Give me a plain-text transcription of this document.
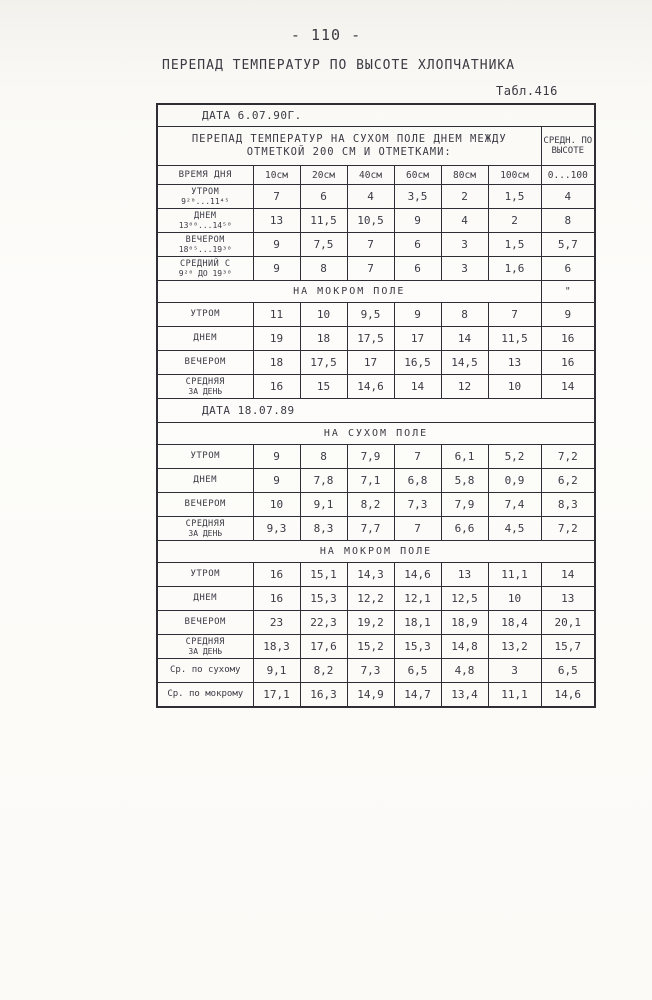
- 110 -
ПЕРЕПАД ТЕМПЕРАТУР ПО ВЫСОТЕ ХЛОПЧАТНИКА
Табл.416
ДАТА 6.07.90Г.							
ПЕРЕПАД ТЕМПЕРАТУР НА СУХОМ ПОЛЕ ДНЕМ МЕЖДУ ОТМЕТКОЙ 200 СМ И ОТМЕТКАМИ:							СРЕДН. ПО ВЫСОТЕ
ВРЕМЯ ДНЯ	10см	20см	40см	60см	80см	100см	0...100
УТРОМ
9²⁰...11⁴⁵	7	6	4	3,5	2	1,5	4
ДНЕМ
13⁰⁰...14⁵⁰	13	11,5	10,5	9	4	2	8
ВЕЧЕРОМ
18⁰⁵...19³⁰	9	7,5	7	6	3	1,5	5,7
СРЕДНИЙ С
9²⁰ ДО 19³⁰	9	8	7	6	3	1,6	6
НА МОКРОМ ПОЛЕ							"
УТРОМ	11	10	9,5	9	8	7	9
ДНЕМ	19	18	17,5	17	14	11,5	16
ВЕЧЕРОМ	18	17,5	17	16,5	14,5	13	16
СРЕДНЯЯ
ЗА ДЕНЬ	16	15	14,6	14	12	10	14
ДАТА 18.07.89							
НА СУХОМ ПОЛЕ							
УТРОМ	9	8	7,9	7	6,1	5,2	7,2
ДНЕМ	9	7,8	7,1	6,8	5,8	0,9	6,2
ВЕЧЕРОМ	10	9,1	8,2	7,3	7,9	7,4	8,3
СРЕДНЯЯ
ЗА ДЕНЬ	9,3	8,3	7,7	7	6,6	4,5	7,2
НА МОКРОМ ПОЛЕ							
УТРОМ	16	15,1	14,3	14,6	13	11,1	14
ДНЕМ	16	15,3	12,2	12,1	12,5	10	13
ВЕЧЕРОМ	23	22,3	19,2	18,1	18,9	18,4	20,1
СРЕДНЯЯ
ЗА ДЕНЬ	18,3	17,6	15,2	15,3	14,8	13,2	15,7
Ср. по сухому	9,1	8,2	7,3	6,5	4,8	3	6,5
Ср. по мокрому	17,1	16,3	14,9	14,7	13,4	11,1	14,6
